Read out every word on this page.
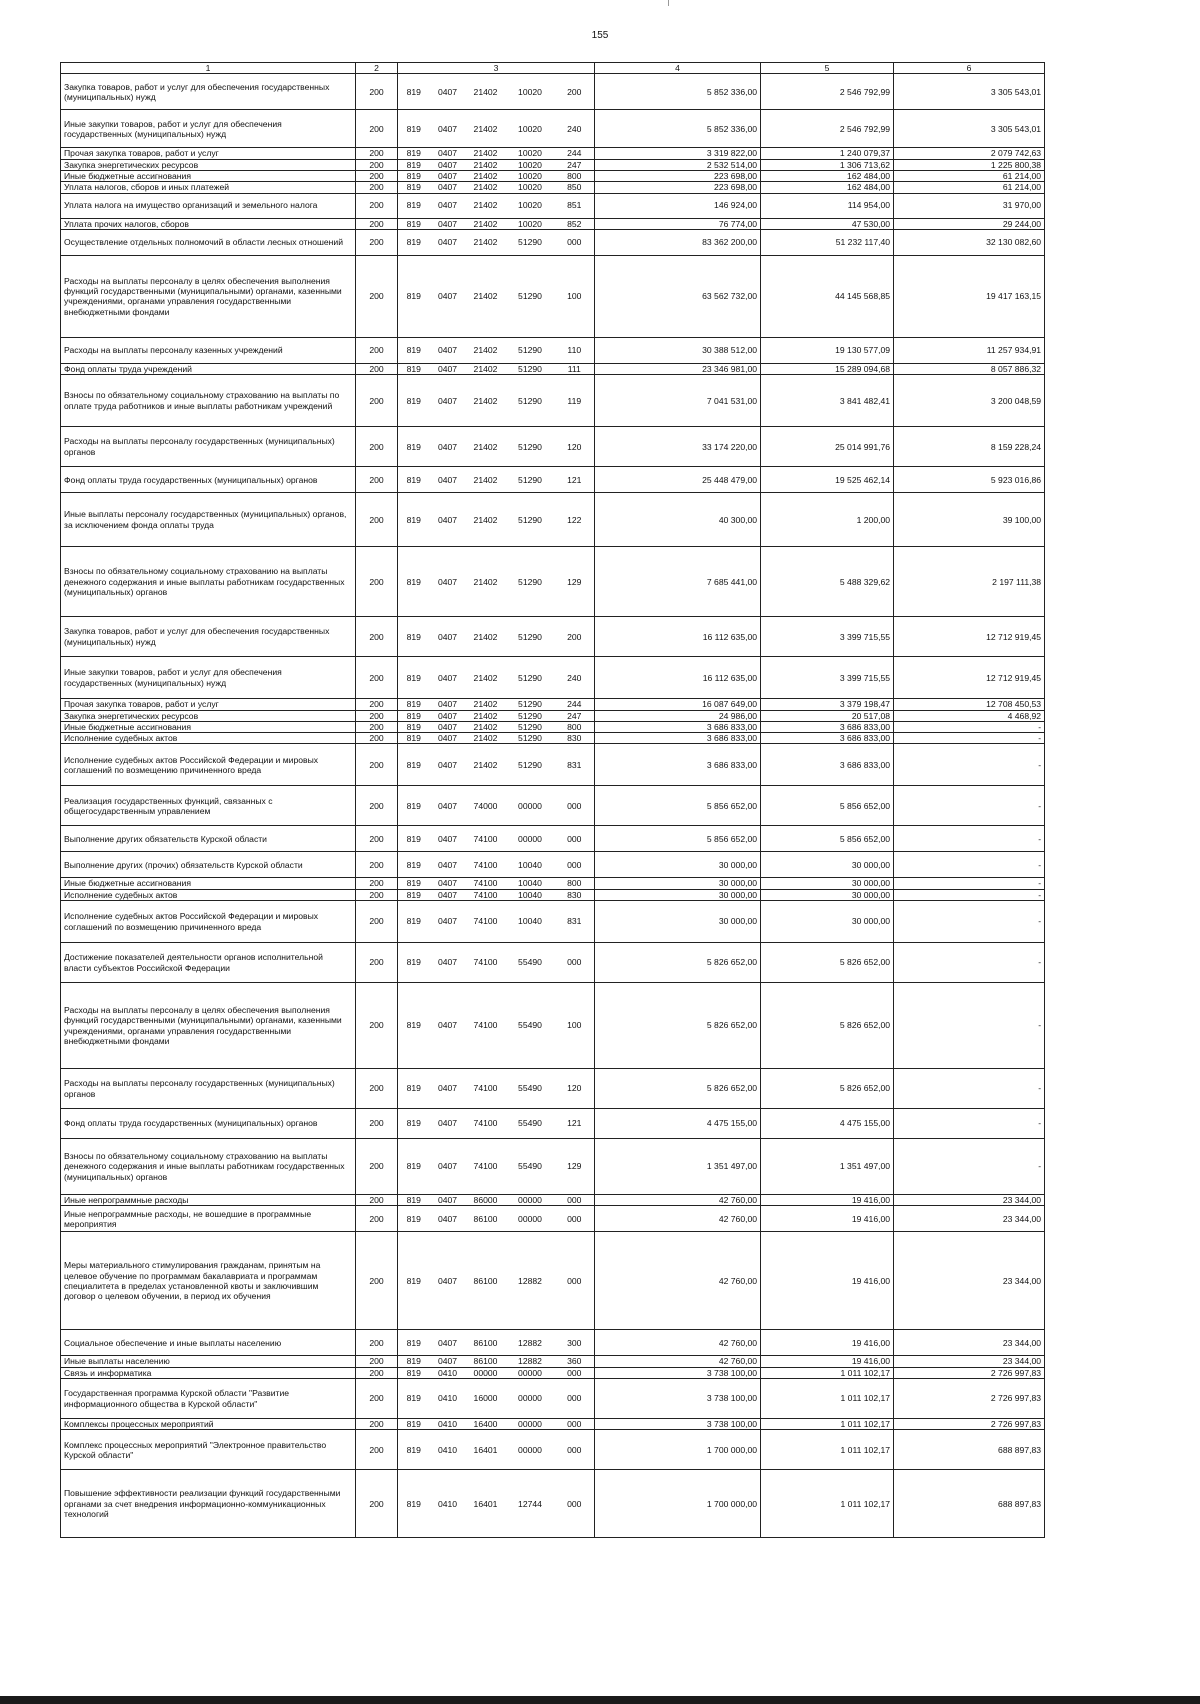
155
1	2	3					4	5	6
Закупка товаров, работ и услуг для обеспечения государственных (муниципальных) нужд	200	819	0407	21402	10020	200	5 852 336,00	2 546 792,99	3 305 543,01
Иные закупки товаров, работ и услуг для обеспечения государственных (муниципальных) нужд	200	819	0407	21402	10020	240	5 852 336,00	2 546 792,99	3 305 543,01
Прочая закупка товаров, работ и услуг	200	819	0407	21402	10020	244	3 319 822,00	1 240 079,37	2 079 742,63
Закупка энергетических ресурсов	200	819	0407	21402	10020	247	2 532 514,00	1 306 713,62	1 225 800,38
Иные бюджетные ассигнования	200	819	0407	21402	10020	800	223 698,00	162 484,00	61 214,00
Уплата налогов, сборов и иных платежей	200	819	0407	21402	10020	850	223 698,00	162 484,00	61 214,00
Уплата налога на имущество организаций и земельного налога	200	819	0407	21402	10020	851	146 924,00	114 954,00	31 970,00
Уплата прочих налогов, сборов	200	819	0407	21402	10020	852	76 774,00	47 530,00	29 244,00
Осуществление отдельных полномочий в области лесных отношений	200	819	0407	21402	51290	000	83 362 200,00	51 232 117,40	32 130 082,60
Расходы на выплаты персоналу в целях обеспечения выполнения функций государственными (муниципальными) органами, казенными учреждениями, органами управления государственными внебюджетными фондами	200	819	0407	21402	51290	100	63 562 732,00	44 145 568,85	19 417 163,15
Расходы на выплаты персоналу казенных учреждений	200	819	0407	21402	51290	110	30 388 512,00	19 130 577,09	11 257 934,91
Фонд оплаты труда учреждений	200	819	0407	21402	51290	111	23 346 981,00	15 289 094,68	8 057 886,32
Взносы по обязательному социальному страхованию на выплаты по оплате труда работников и иные выплаты работникам учреждений	200	819	0407	21402	51290	119	7 041 531,00	3 841 482,41	3 200 048,59
Расходы на выплаты персоналу государственных (муниципальных) органов	200	819	0407	21402	51290	120	33 174 220,00	25 014 991,76	8 159 228,24
Фонд оплаты труда государственных (муниципальных) органов	200	819	0407	21402	51290	121	25 448 479,00	19 525 462,14	5 923 016,86
Иные выплаты персоналу государственных (муниципальных) органов, за исключением фонда оплаты труда	200	819	0407	21402	51290	122	40 300,00	1 200,00	39 100,00
Взносы по обязательному социальному страхованию на выплаты денежного содержания и иные выплаты работникам государственных (муниципальных) органов	200	819	0407	21402	51290	129	7 685 441,00	5 488 329,62	2 197 111,38
Закупка товаров, работ и услуг для обеспечения государственных (муниципальных) нужд	200	819	0407	21402	51290	200	16 112 635,00	3 399 715,55	12 712 919,45
Иные закупки товаров, работ и услуг для обеспечения государственных (муниципальных) нужд	200	819	0407	21402	51290	240	16 112 635,00	3 399 715,55	12 712 919,45
Прочая закупка товаров, работ и услуг	200	819	0407	21402	51290	244	16 087 649,00	3 379 198,47	12 708 450,53
Закупка энергетических ресурсов	200	819	0407	21402	51290	247	24 986,00	20 517,08	4 468,92
Иные бюджетные ассигнования	200	819	0407	21402	51290	800	3 686 833,00	3 686 833,00	-
Исполнение судебных актов	200	819	0407	21402	51290	830	3 686 833,00	3 686 833,00	-
Исполнение судебных актов Российской Федерации и мировых соглашений по возмещению причиненного вреда	200	819	0407	21402	51290	831	3 686 833,00	3 686 833,00	-
Реализация государственных функций, связанных с общегосударственным управлением	200	819	0407	74000	00000	000	5 856 652,00	5 856 652,00	-
Выполнение других обязательств Курской области	200	819	0407	74100	00000	000	5 856 652,00	5 856 652,00	-
Выполнение других (прочих) обязательств Курской области	200	819	0407	74100	10040	000	30 000,00	30 000,00	-
Иные бюджетные ассигнования	200	819	0407	74100	10040	800	30 000,00	30 000,00	-
Исполнение судебных актов	200	819	0407	74100	10040	830	30 000,00	30 000,00	-
Исполнение судебных актов Российской Федерации и мировых соглашений по возмещению причиненного вреда	200	819	0407	74100	10040	831	30 000,00	30 000,00	-
Достижение показателей деятельности органов исполнительной власти субъектов Российской Федерации	200	819	0407	74100	55490	000	5 826 652,00	5 826 652,00	-
Расходы на выплаты персоналу в целях обеспечения выполнения функций государственными (муниципальными) органами, казенными учреждениями, органами управления государственными внебюджетными фондами	200	819	0407	74100	55490	100	5 826 652,00	5 826 652,00	-
Расходы на выплаты персоналу государственных (муниципальных) органов	200	819	0407	74100	55490	120	5 826 652,00	5 826 652,00	-
Фонд оплаты труда государственных (муниципальных) органов	200	819	0407	74100	55490	121	4 475 155,00	4 475 155,00	-
Взносы по обязательному социальному страхованию на выплаты денежного содержания и иные выплаты работникам государственных (муниципальных) органов	200	819	0407	74100	55490	129	1 351 497,00	1 351 497,00	-
Иные непрограммные расходы	200	819	0407	86000	00000	000	42 760,00	19 416,00	23 344,00
Иные непрограммные расходы, не вошедшие в программные мероприятия	200	819	0407	86100	00000	000	42 760,00	19 416,00	23 344,00
Меры материального стимулирования гражданам, принятым на целевое обучение по программам бакалавриата и программам специалитета в пределах установленной квоты и заключившим договор о целевом обучении, в период их обучения	200	819	0407	86100	12882	000	42 760,00	19 416,00	23 344,00
Социальное обеспечение и иные выплаты населению	200	819	0407	86100	12882	300	42 760,00	19 416,00	23 344,00
Иные выплаты населению	200	819	0407	86100	12882	360	42 760,00	19 416,00	23 344,00
Связь и информатика	200	819	0410	00000	00000	000	3 738 100,00	1 011 102,17	2 726 997,83
Государственная программа Курской области "Развитие информационного общества в Курской области"	200	819	0410	16000	00000	000	3 738 100,00	1 011 102,17	2 726 997,83
Комплексы процессных мероприятий	200	819	0410	16400	00000	000	3 738 100,00	1 011 102,17	2 726 997,83
Комплекс процессных мероприятий "Электронное правительство Курской области"	200	819	0410	16401	00000	000	1 700 000,00	1 011 102,17	688 897,83
Повышение эффективности реализации функций государственными органами за счет внедрения информационно-коммуникационных технологий	200	819	0410	16401	12744	000	1 700 000,00	1 011 102,17	688 897,83
